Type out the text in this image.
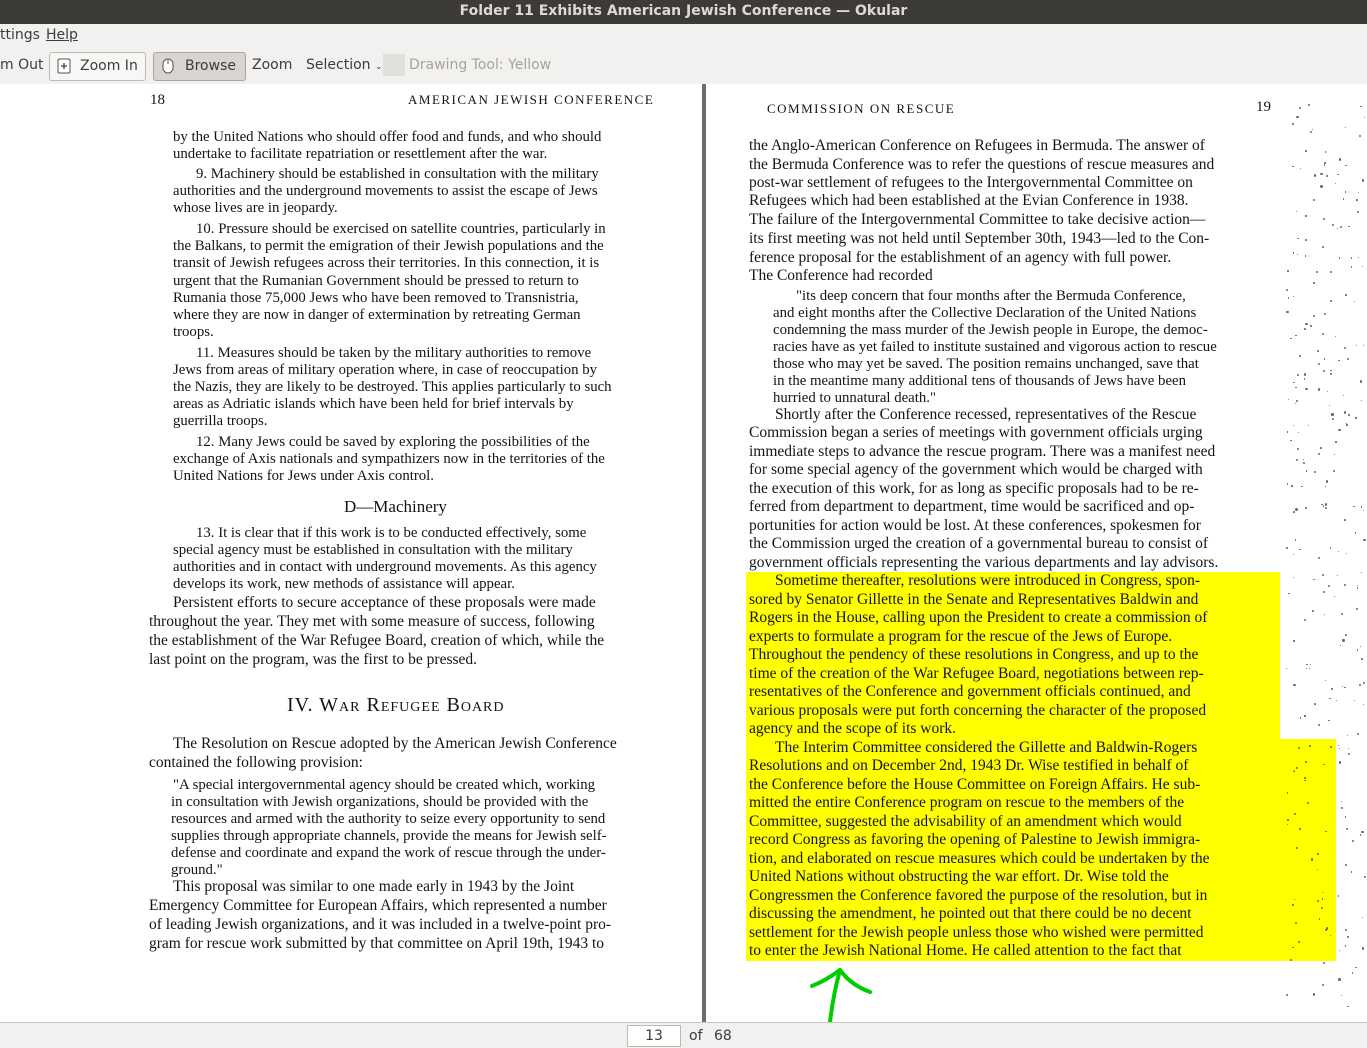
Folder 11 Exhibits American Jewish Conference — Okular
ttings Help
m Out	Zoom In	Browse Zoom Selection ⌄ Drawing Tool: Yellow
18	AMERICAN JEWISH CONFERENCE
by the United Nations who should offer food and funds, and who should
undertake to facilitate repatriation or resettlement after the war.
9. Machinery should be established in consultation with the military
authorities and the underground movements to assist the escape of Jews
whose lives are in jeopardy.
10. Pressure should be exercised on satellite countries, particularly in
the Balkans, to permit the emigration of their Jewish populations and the
transit of Jewish refugees across their territories. In this connection, it is
urgent that the Rumanian Government should be pressed to return to
Rumania those 75,000 Jews who have been removed to Transnistria,
where they are now in danger of extermination by retreating German
troops.
11. Measures should be taken by the military authorities to remove
Jews from areas of military operation where, in case of reoccupation by
the Nazis, they are likely to be destroyed. This applies particularly to such
areas as Adriatic islands which have been held for brief intervals by
guerrilla troops.
12. Many Jews could be saved by exploring the possibilities of the
exchange of Axis nationals and sympathizers now in the territories of the
United Nations for Jews under Axis control.
D—Machinery
13. It is clear that if this work is to be conducted effectively, some
special agency must be established in consultation with the military
authorities and in contact with underground movements. As this agency
develops its work, new methods of assistance will appear.
Persistent efforts to secure acceptance of these proposals were made
throughout the year. They met with some measure of success, following
the establishment of the War Refugee Board, creation of which, while the
last point on the program, was the first to be pressed.
IV. War Refugee Board
The Resolution on Rescue adopted by the American Jewish Conference
contained the following provision:
"A special intergovernmental agency should be created which, working
in consultation with Jewish organizations, should be provided with the
resources and armed with the authority to seize every opportunity to send
supplies through appropriate channels, provide the means for Jewish self-
defense and coordinate and expand the work of rescue through the under-
ground."
This proposal was similar to one made early in 1943 by the Joint
Emergency Committee for European Affairs, which represented a number
of leading Jewish organizations, and it was included in a twelve-point pro-
gram for rescue work submitted by that committee on April 19th, 1943 to
COMMISSION ON RESCUE	19
the Anglo-American Conference on Refugees in Bermuda. The answer of
the Bermuda Conference was to refer the questions of rescue measures and
post-war settlement of refugees to the Intergovernmental Committee on
Refugees which had been established at the Evian Conference in 1938.
The failure of the Intergovernmental Committee to take decisive action—
its first meeting was not held until September 30th, 1943—led to the Con-
ference proposal for the establishment of an agency with full power.
The Conference had recorded
"its deep concern that four months after the Bermuda Conference,
and eight months after the Collective Declaration of the United Nations
condemning the mass murder of the Jewish people in Europe, the democ-
racies have as yet failed to institute sustained and vigorous action to rescue
those who may yet be saved. The position remains unchanged, save that
in the meantime many additional tens of thousands of Jews have been
hurried to unnatural death."
Shortly after the Conference recessed, representatives of the Rescue
Commission began a series of meetings with government officials urging
immediate steps to advance the rescue program. There was a manifest need
for some special agency of the government which would be charged with
the execution of this work, for as long as specific proposals had to be re-
ferred from department to department, time would be sacrificed and op-
portunities for action would be lost. At these conferences, spokesmen for
the Commission urged the creation of a governmental bureau to consist of
government officials representing the various departments and lay advisors.
Sometime thereafter, resolutions were introduced in Congress, spon-
sored by Senator Gillette in the Senate and Representatives Baldwin and
Rogers in the House, calling upon the President to create a commission of
experts to formulate a program for the rescue of the Jews of Europe.
Throughout the pendency of these resolutions in Congress, and up to the
time of the creation of the War Refugee Board, negotiations between rep-
resentatives of the Conference and government officials continued, and
various proposals were put forth concerning the character of the proposed
agency and the scope of its work.
The Interim Committee considered the Gillette and Baldwin-Rogers
Resolutions and on December 2nd, 1943 Dr. Wise testified in behalf of
the Conference before the House Committee on Foreign Affairs. He sub-
mitted the entire Conference program on rescue to the members of the
Committee, suggested the advisability of an amendment which would
record Congress as favoring the opening of Palestine to Jewish immigra-
tion, and elaborated on rescue measures which could be undertaken by the
United Nations without obstructing the war effort. Dr. Wise told the
Congressmen the Conference favored the purpose of the resolution, but in
discussing the amendment, he pointed out that there could be no decent
settlement for the Jewish people unless those who wished were permitted
to enter the Jewish National Home. He called attention to the fact that
13
of 68
